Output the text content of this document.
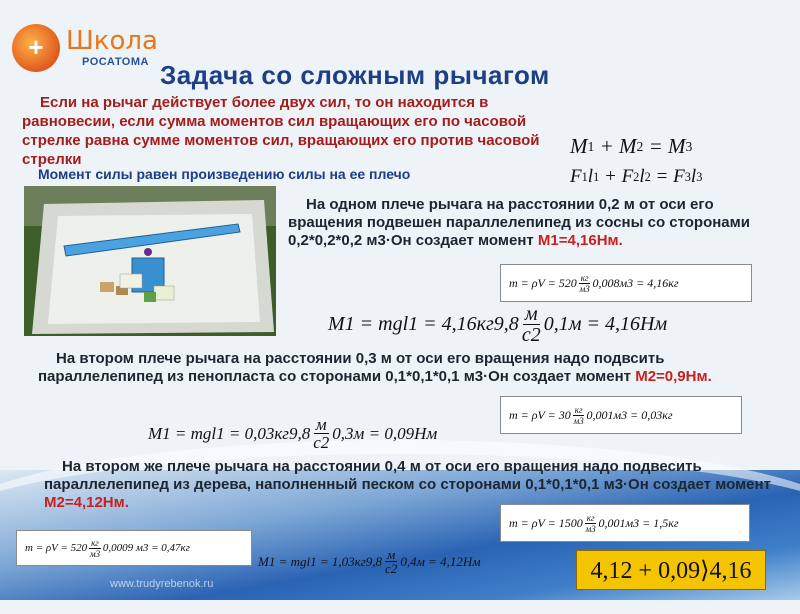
+ Школа
РОСАТОМА Задача со сложным рычагом
Если на рычаг действует более двух сил, то он находится в равновесии, если сумма моментов сил вращающих его по часовой стрелке равна сумме моментов сил, вращающих его против часовой стрелки
M 1 + M 2 = M 3
Момент силы равен произведению силы на ее плечо	F 1 l 1 + F 2 l 2 = F 3 l 3
На одном плече рычага на расстоянии 0,2 м от оси его вращения подвешен параллелепипед из сосны со сторонами 0,2*0,2*0,2 м3·Он создает момент M1=4,16Нм.
$m = \rho V = 520 \frac{кг}{м3} 0,008м3 = 4,16кг$
$M1 = mgl1 = 4,16кг9,8 \frac{м}{с2} 0,1м = 4,16Нм$
На втором плече рычага на расстоянии 0,3 м от оси его вращения надо подвсить параллелепипед из пенопласта со сторонами 0,1*0,1*0,1 м3·Он создает момент M2=0,9Нм.
$m = \rho V = 30 \frac{кг}{м3} 0,001м3 = 0,03кг$
$M1 = mgl1 = 0,03кг9,8 \frac{м}{с2} 0,3м = 0,09Нм$
На втором же плече рычага на расстоянии 0,4 м от оси его вращения надо подвесить параллелепипед из дерева, наполненный песком со сторонами 0,1*0,1*0,1 м3·Он создает момент M2=4,12Нм.
$m = \rho V = 1500 \frac{кг}{м3} 0,001м3 = 1,5кг$
$m = \rho V = 520 \frac{кг}{м3} 0,0009$ м3 = 0,47кг
$M1 = mgl1 = 1,03кг9,8 \frac{м}{с2} 0,4м = 4,12Нм$	4,12 + 0,09⟩4,16
www.trudyrebenok.ru
